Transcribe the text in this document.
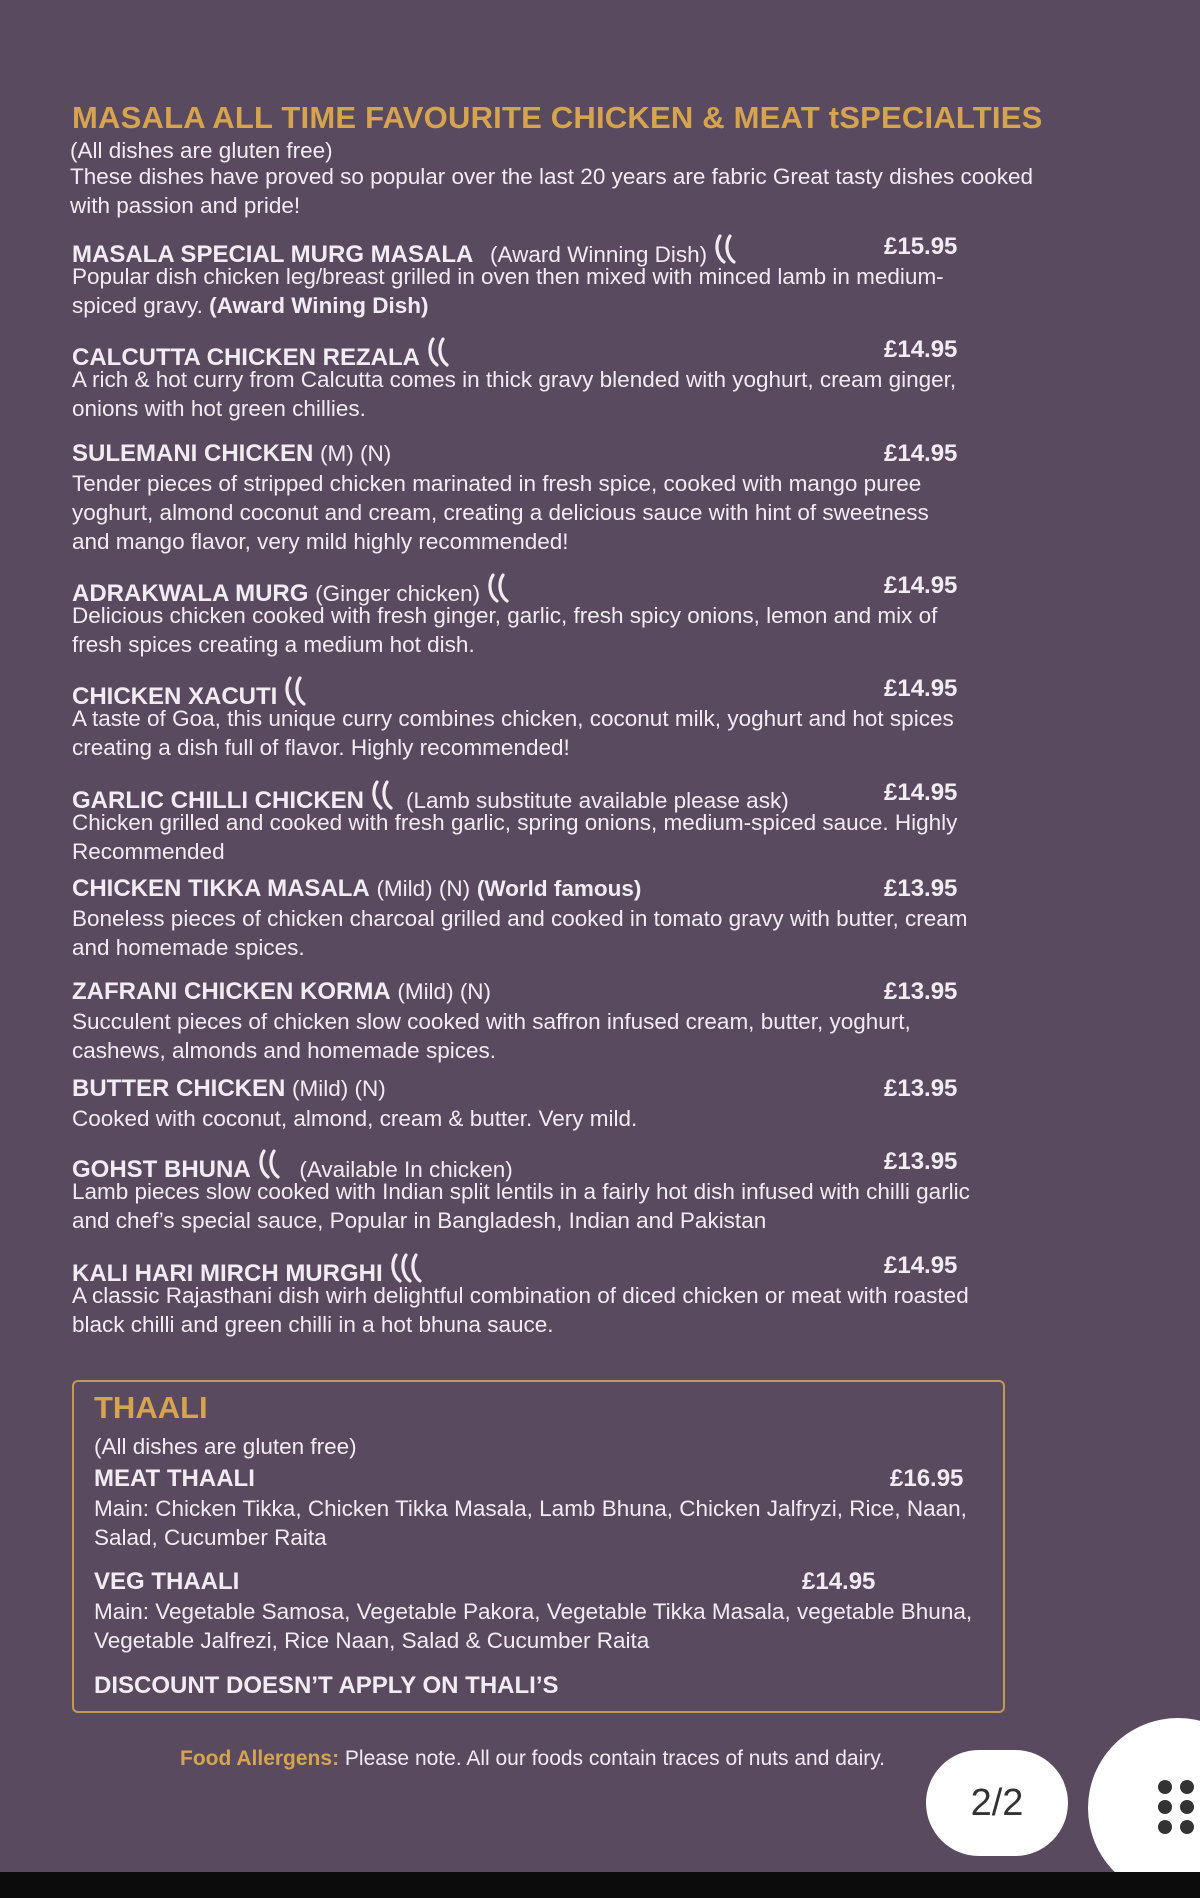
MASALA ALL TIME FAVOURITE CHICKEN & MEAT tSPECIALTIES
(All dishes are gluten free)
These dishes have proved so popular over the last 20 years are fabric Great tasty dishes cooked with passion and pride!
MASALA SPECIAL MURG MASALA (Award Winning Dish)	£15.95
Popular dish chicken leg/breast grilled in oven then mixed with minced lamb in medium-spiced gravy. (Award Wining Dish)
CALCUTTA CHICKEN REZALA	£14.95
A rich & hot curry from Calcutta comes in thick gravy blended with yoghurt, cream ginger, onions with hot green chillies.
SULEMANI CHICKEN (M) (N)	£14.95
Tender pieces of stripped chicken marinated in fresh spice, cooked with mango puree yoghurt, almond coconut and cream, creating a delicious sauce with hint of sweetness and mango flavor, very mild highly recommended!
ADRAKWALA MURG (Ginger chicken)	£14.95
Delicious chicken cooked with fresh ginger, garlic, fresh spicy onions, lemon and mix of fresh spices creating a medium hot dish.
CHICKEN XACUTI	£14.95
A taste of Goa, this unique curry combines chicken, coconut milk, yoghurt and hot spices creating a dish full of flavor. Highly recommended!
GARLIC CHILLI CHICKEN (Lamb substitute available please ask)	£14.95
Chicken grilled and cooked with fresh garlic, spring onions, medium-spiced sauce. Highly Recommended
CHICKEN TIKKA MASALA (Mild) (N) (World famous)	£13.95
Boneless pieces of chicken charcoal grilled and cooked in tomato gravy with butter, cream and homemade spices.
ZAFRANI CHICKEN KORMA (Mild) (N)	£13.95
Succulent pieces of chicken slow cooked with saffron infused cream, butter, yoghurt, cashews, almonds and homemade spices.
BUTTER CHICKEN (Mild) (N)	£13.95
Cooked with coconut, almond, cream & butter. Very mild.
GOHST BHUNA (Available In chicken)	£13.95
Lamb pieces slow cooked with Indian split lentils in a fairly hot dish infused with chilli garlic and chef’s special sauce, Popular in Bangladesh, Indian and Pakistan
KALI HARI MIRCH MURGHI	£14.95
A classic Rajasthani dish wirh delightful combination of diced chicken or meat with roasted black chilli and green chilli in a hot bhuna sauce.
THAALI
(All dishes are gluten free)
MEAT THAALI	£16.95
Main: Chicken Tikka, Chicken Tikka Masala, Lamb Bhuna, Chicken Jalfryzi, Rice, Naan, Salad, Cucumber Raita
VEG THAALI	£14.95
Main: Vegetable Samosa, Vegetable Pakora, Vegetable Tikka Masala, vegetable Bhuna, Vegetable Jalfrezi, Rice Naan, Salad & Cucumber Raita
DISCOUNT DOESN’T APPLY ON THALI’S
Food Allergens: Please note. All our foods contain traces of nuts and dairy.
2/2
